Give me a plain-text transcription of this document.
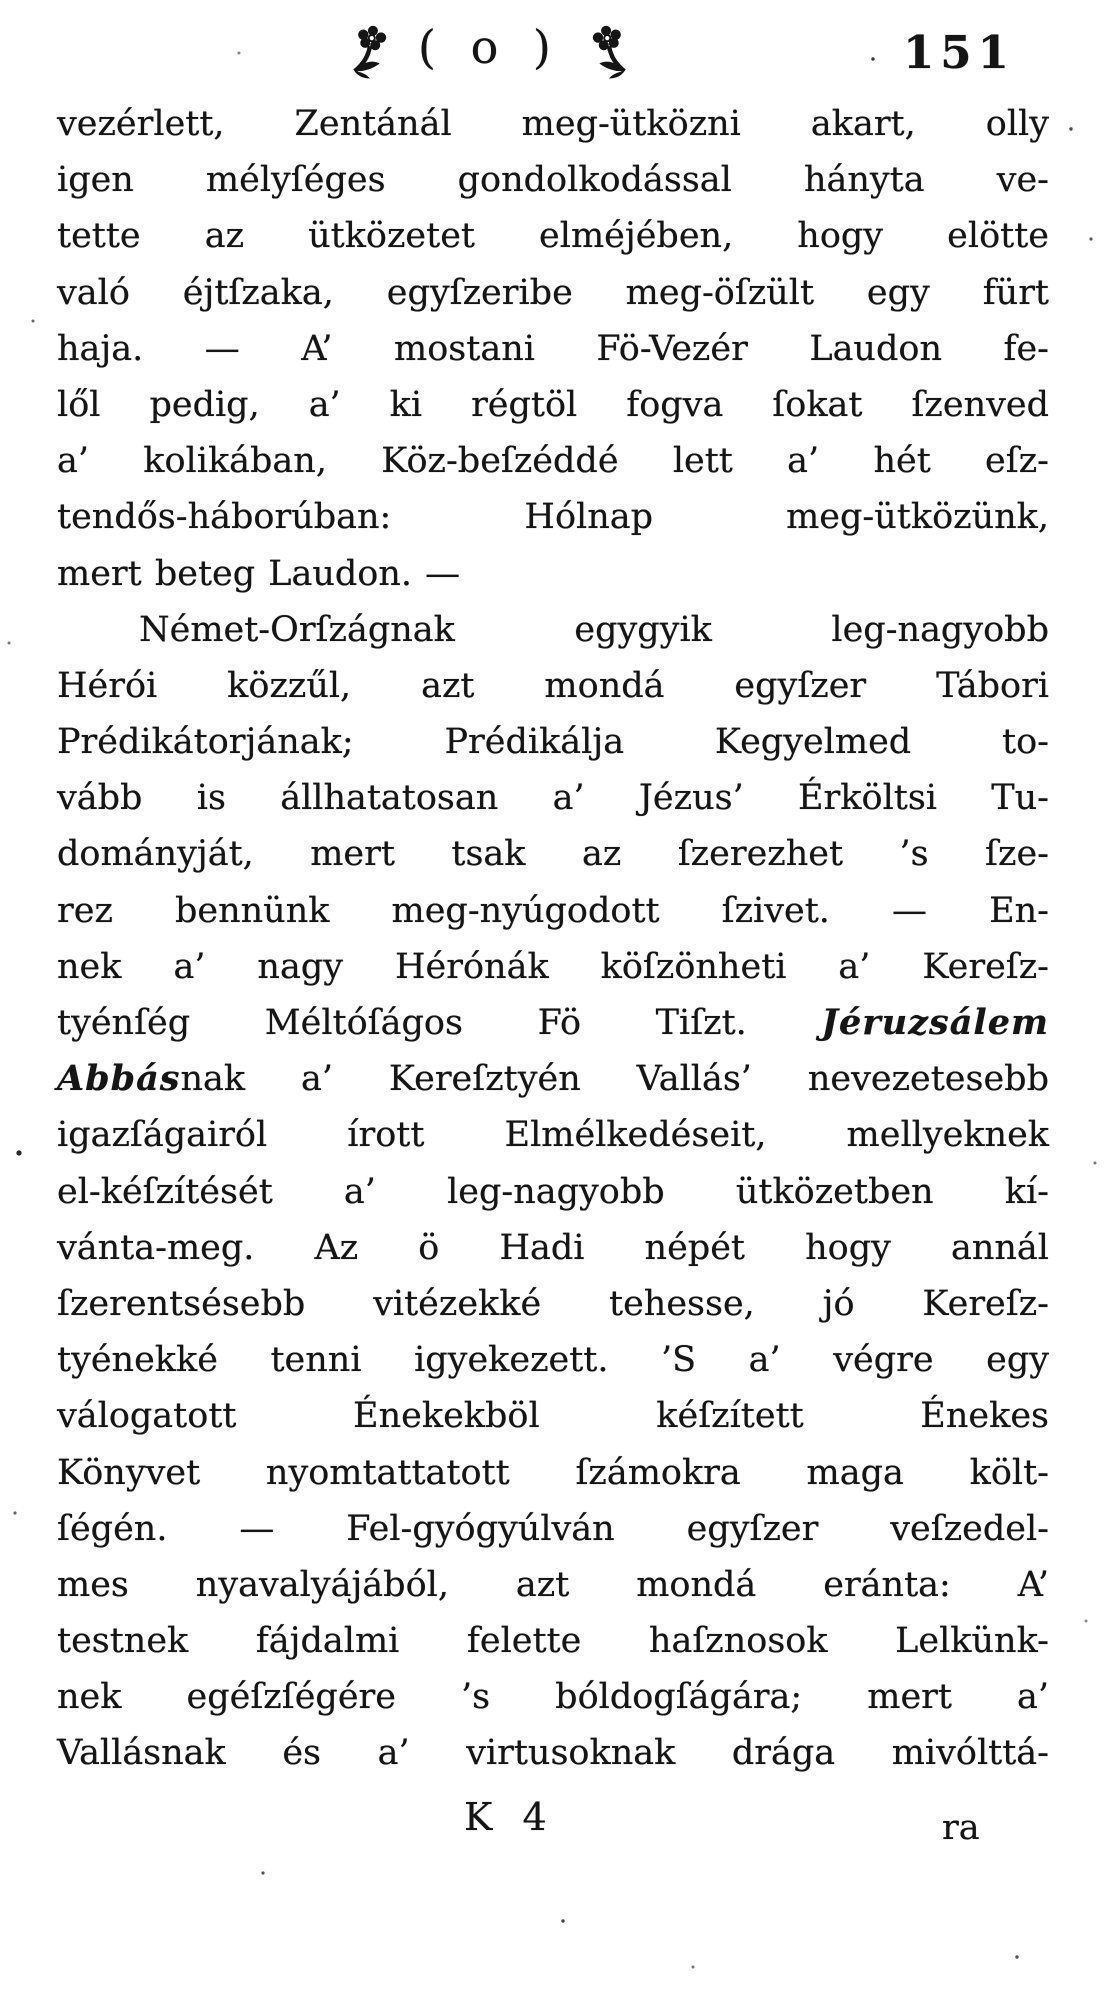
( o )	151
vezérlett, Zentánál meg-ütközni akart, olly
igen mélyſéges gondolkodással hányta ve-
tette az ütközetet elméjében, hogy elötte
való éjtſzaka, egyſzeribe meg-öſzült egy fürt
haja. — A’ mostani Fö-Vezér Laudon fe-
lől pedig, a’ ki régtöl fogva ſokat ſzenved
a’ kolikában, Köz-beſzéddé lett a’ hét eſz-
tendős-háborúban: Hólnap meg-ütközünk,
mert beteg Laudon. —
Német-Orſzágnak egygyik leg-nagyobb
Hérói közzűl, azt mondá egyſzer Tábori
Prédikátorjának; Prédikálja Kegyelmed to-
vább is állhatatosan a’ Jézus’ Érköltsi Tu-
dományját, mert tsak az ſzerezhet ’s ſze-
rez bennünk meg-nyúgodott ſzivet. — En-
nek a’ nagy Hérónák köſzönheti a’ Kereſz-
tyénſég Méltóſágos Fö Tiſzt. Jéruzsálem
Abbásnak a’ Kereſztyén Vallás’ nevezetesebb
igazſágairól írott Elmélkedéseit, mellyeknek
el-kéſzítését a’ leg-nagyobb ütközetben kí-
vánta-meg. Az ö Hadi népét hogy annál
ſzerentsésebb vitézekké tehesse, jó Kereſz-
tyénekké tenni igyekezett. ’S a’ végre egy
válogatott Énekekböl kéſzített Énekes
Könyvet nyomtattatott ſzámokra maga költ-
ſégén. — Fel-gyógyúlván egyſzer veſzedel-
mes nyavalyájából, azt mondá eránta: A’
testnek fájdalmi felette haſznosok Lelkünk-
nek egéſzſégére ’s bóldogſágára; mert a’
Vallásnak és a’ virtusoknak drága mivólttá-
K 4	ra
